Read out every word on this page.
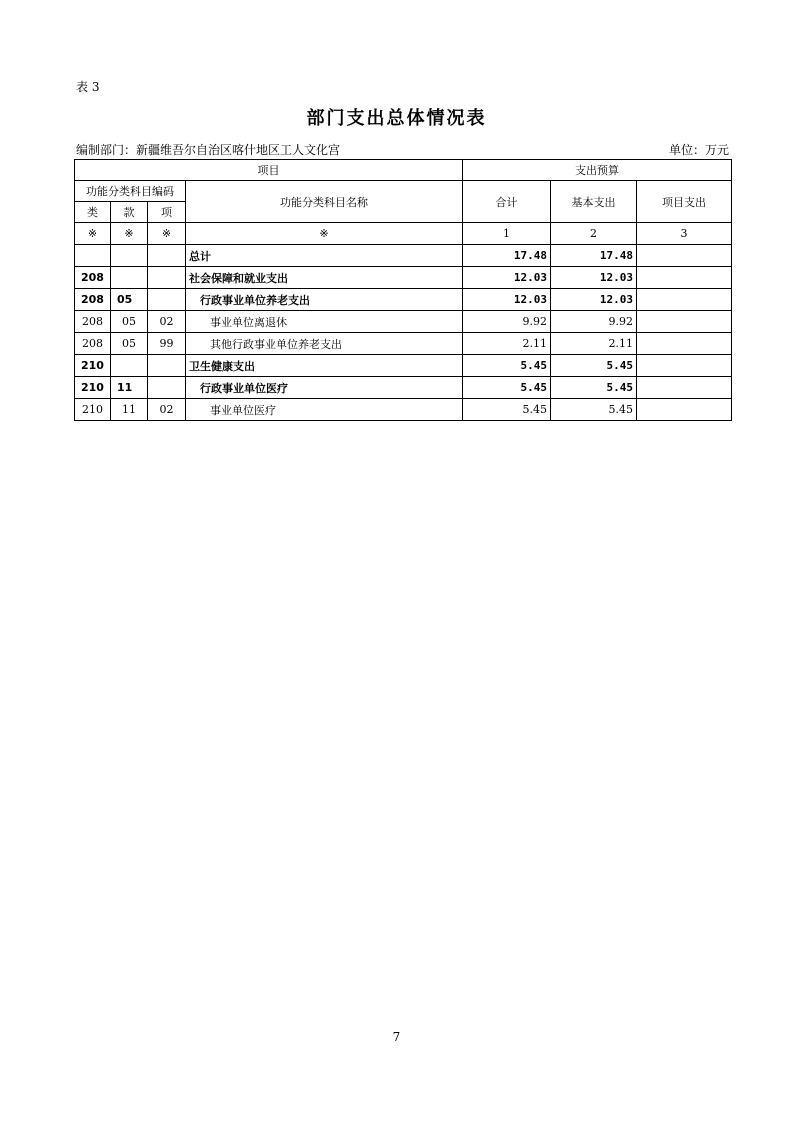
表 3
部门支出总体情况表
编制部门：新疆维吾尔自治区喀什地区工人文化宫	单位：万元
项目				支出预算		
功能分类科目编码			功能分类科目名称	合计	基本支出	项目支出
类	款	项				
※	※	※	※	1	2	3
			总计	17.48	17.48	
208			社会保障和就业支出	12.03	12.03	
208	05		行政事业单位养老支出	12.03	12.03	
208	05	02	事业单位离退休	9.92	9.92	
208	05	99	其他行政事业单位养老支出	2.11	2.11	
210			卫生健康支出	5.45	5.45	
210	11		行政事业单位医疗	5.45	5.45	
210	11	02	事业单位医疗	5.45	5.45	
7
